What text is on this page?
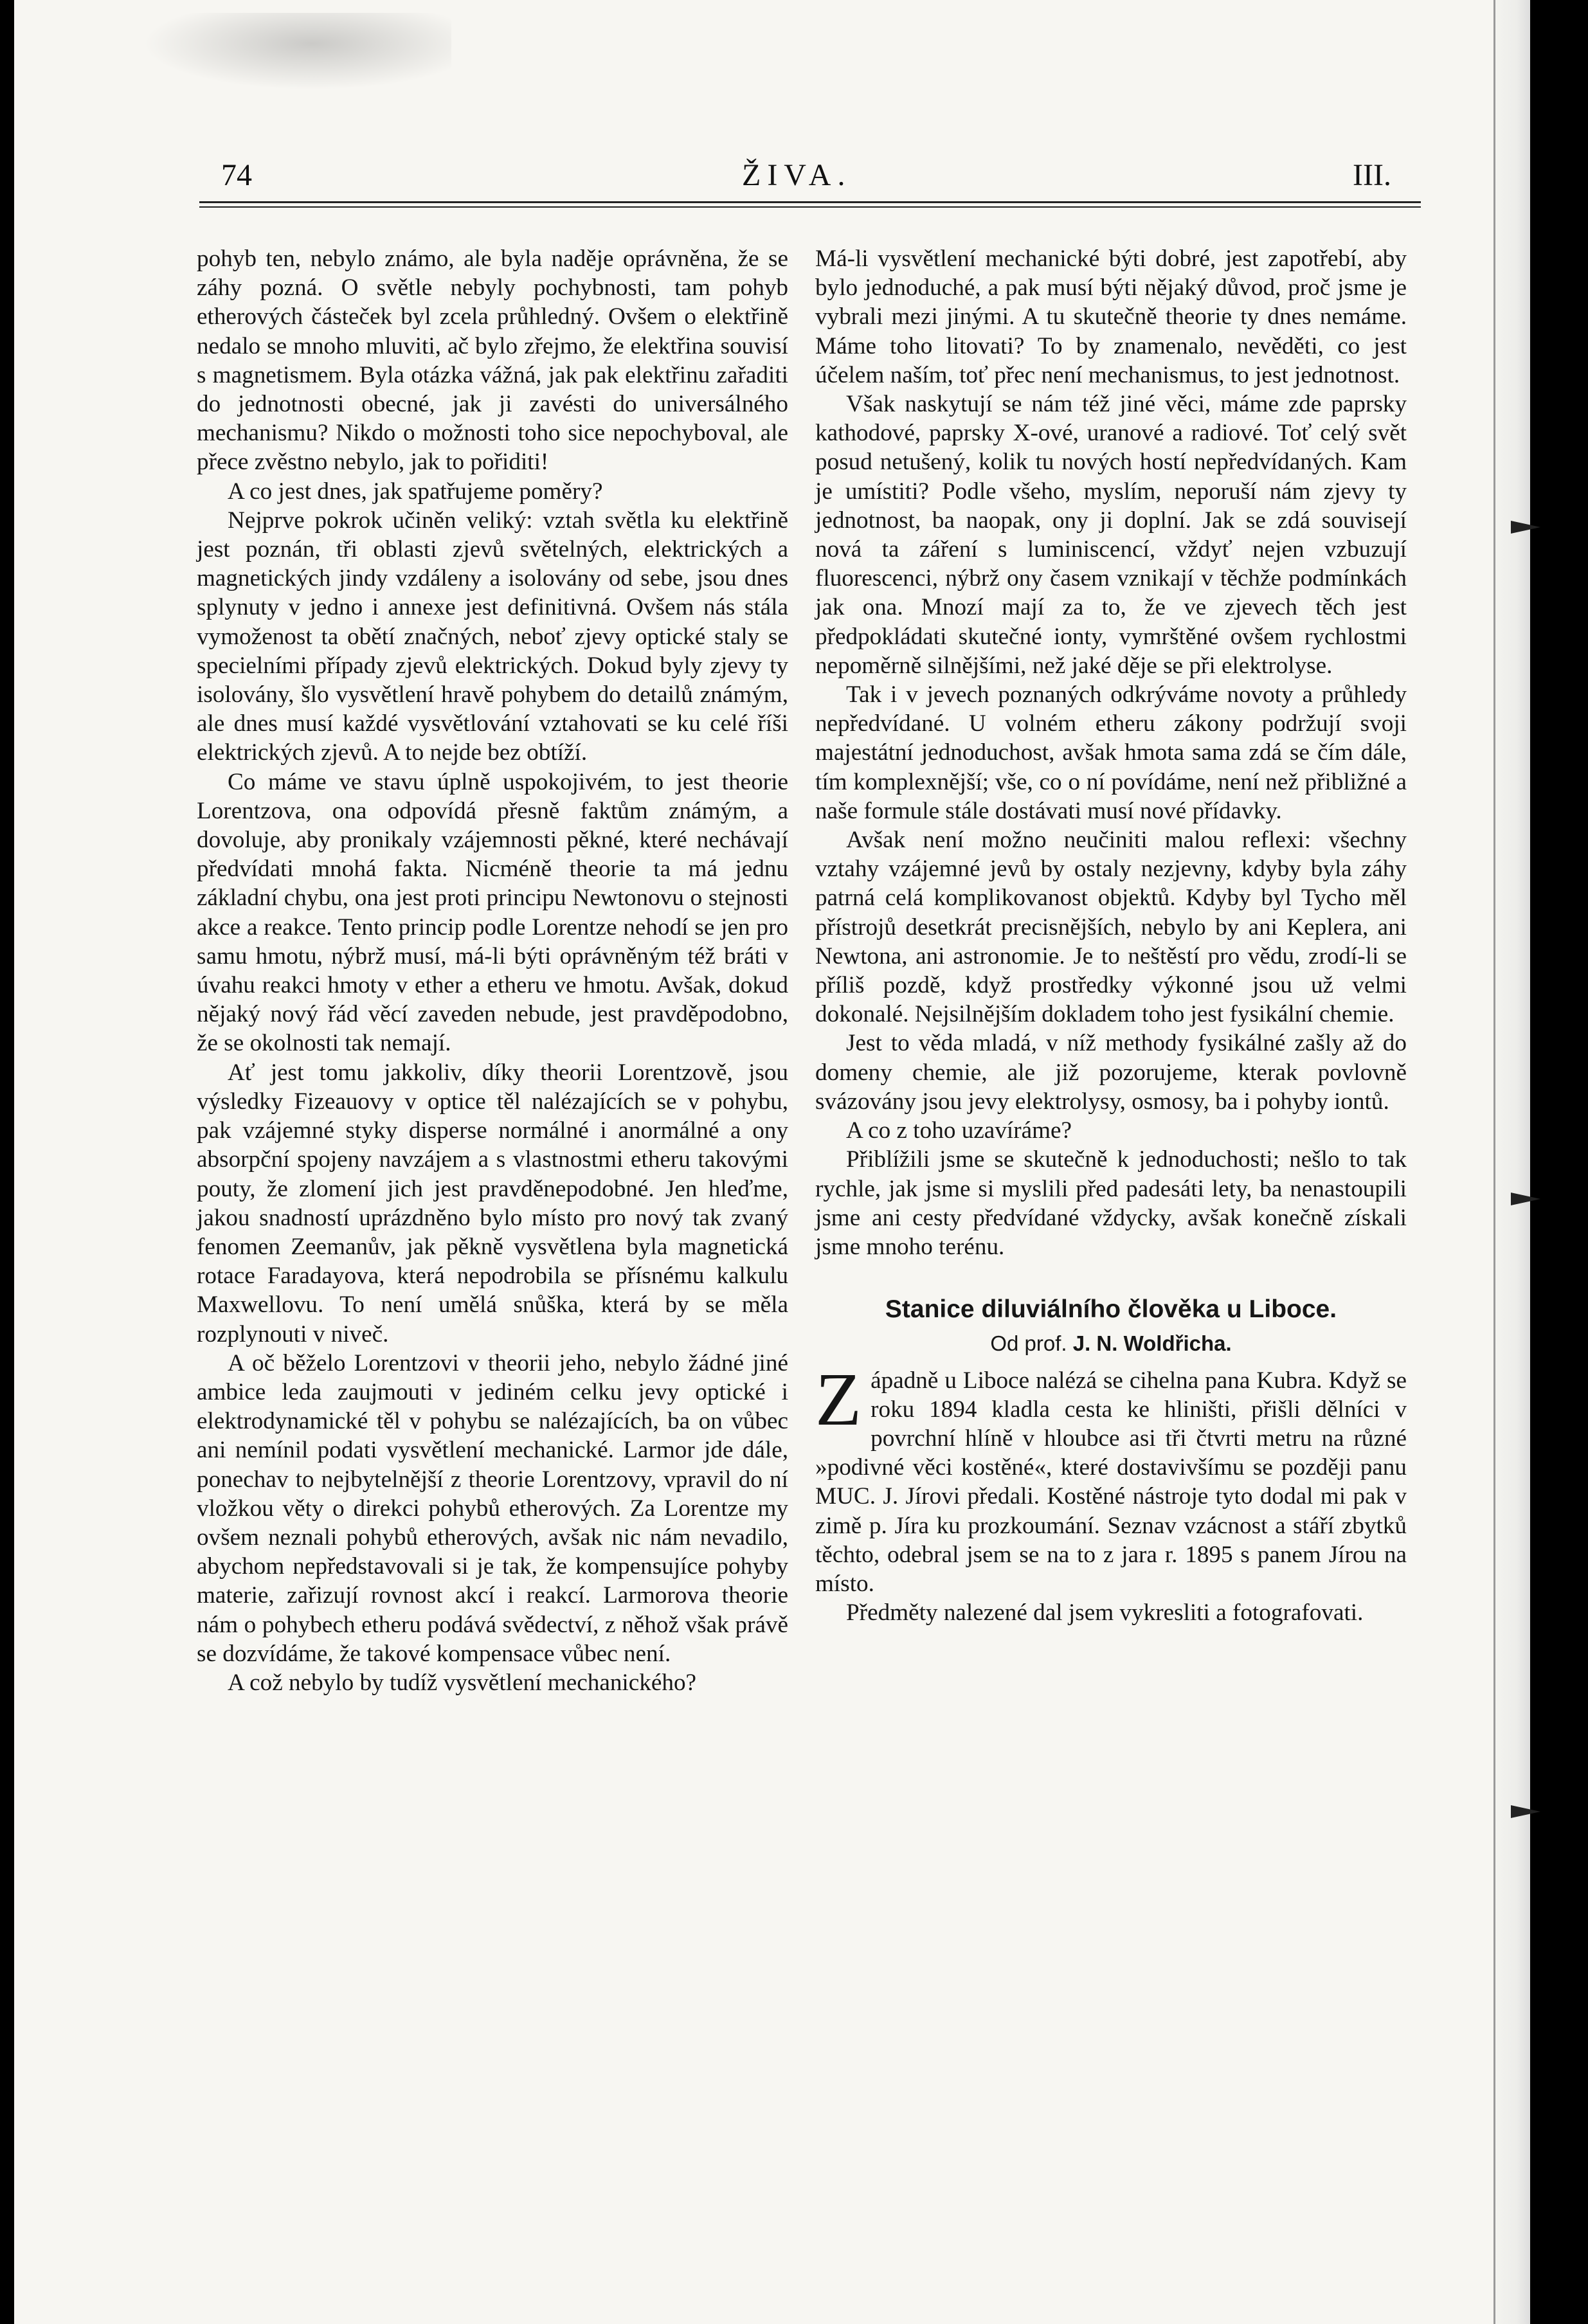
74	ŽIVA.	III.

pohyb ten, nebylo známo, ale byla naděje oprávněna, že se záhy pozná. O světle nebyly pochybnosti, tam pohyb etherových částeček byl zcela průhledný. Ovšem o elektřině nedalo se mnoho mluviti, ač bylo zřejmo, že elektřina souvisí s magnetismem. Byla otázka vážná, jak pak elektřinu zařaditi do jednotnosti obecné, jak ji zavésti do universálného mechanismu? Nikdo o možnosti toho sice nepochyboval, ale přece zvěstno nebylo, jak to pořiditi!

A co jest dnes, jak spatřujeme poměry?

Nejprve pokrok učiněn veliký: vztah světla ku elektřině jest poznán, tři oblasti zjevů světelných, elektrických a magnetických jindy vzdáleny a isolovány od sebe, jsou dnes splynuty v jedno i annexe jest definitivná. Ovšem nás stála vymoženost ta obětí značných, neboť zjevy optické staly se specielními případy zjevů elektrických. Dokud byly zjevy ty isolovány, šlo vysvětlení hravě pohybem do detailů známým, ale dnes musí každé vysvětlování vztahovati se ku celé říši elektrických zjevů. A to nejde bez obtíží.

Co máme ve stavu úplně uspokojivém, to jest theorie Lorentzova, ona odpovídá přesně faktům známým, a dovoluje, aby pronikaly vzájemnosti pěkné, které nechávají předvídati mnohá fakta. Nicméně theorie ta má jednu základní chybu, ona jest proti principu Newtonovu o stejnosti akce a reakce. Tento princip podle Lorentze nehodí se jen pro samu hmotu, nýbrž musí, má-li býti oprávněným též bráti v úvahu reakci hmoty v ether a etheru ve hmotu. Avšak, dokud nějaký nový řád věcí zaveden nebude, jest pravděpodobno, že se okolnosti tak nemají.

Ať jest tomu jakkoliv, díky theorii Lorentzově, jsou výsledky Fizeauovy v optice těl nalézajících se v pohybu, pak vzájemné styky disperse normálné i anormálné a ony absorpční spojeny navzájem a s vlastnostmi etheru takovými pouty, že zlomení jich jest pravděnepodobné. Jen hleďme, jakou snadností uprázdněno bylo místo pro nový tak zvaný fenomen Zeemanův, jak pěkně vysvětlena byla magnetická rotace Faradayova, která nepodrobila se přísnému kalkulu Maxwellovu. To není umělá snůška, která by se měla rozplynouti v niveč.

A oč běželo Lorentzovi v theorii jeho, nebylo žádné jiné ambice leda zaujmouti v jediném celku jevy optické i elektrodynamické těl v pohybu se nalézajících, ba on vůbec ani nemínil podati vysvětlení mechanické. Larmor jde dále, ponechav to nejbytelnější z theorie Lorentzovy, vpravil do ní vložkou věty o direkci pohybů etherových. Za Lorentze my ovšem neznali pohybů etherových, avšak nic nám nevadilo, abychom nepředstavovali si je tak, že kompensujíce pohyby materie, zařizují rovnost akcí i reakcí. Larmorova theorie nám o pohybech etheru podává svědectví, z něhož však právě se dozvídáme, že takové kompensace vůbec není.

A což nebylo by tudíž vysvětlení mechanického?

Má-li vysvětlení mechanické býti dobré, jest zapotřebí, aby bylo jednoduché, a pak musí býti nějaký důvod, proč jsme je vybrali mezi jinými. A tu skutečně theorie ty dnes nemáme. Máme toho litovati? To by znamenalo, nevěděti, co jest účelem naším, toť přec není mechanismus, to jest jednotnost.

Však naskytují se nám též jiné věci, máme zde paprsky kathodové, paprsky X-ové, uranové a radiové. Toť celý svět posud netušený, kolik tu nových hostí nepředvídaných. Kam je umístiti? Podle všeho, myslím, neporuší nám zjevy ty jednotnost, ba naopak, ony ji doplní. Jak se zdá souvisejí nová ta záření s luminiscencí, vždyť nejen vzbuzují fluorescenci, nýbrž ony časem vznikají v těchže podmínkách jak ona. Mnozí mají za to, že ve zjevech těch jest předpokládati skutečné ionty, vymrštěné ovšem rychlostmi nepoměrně silnějšími, než jaké děje se při elektrolyse.

Tak i v jevech poznaných odkrýváme novoty a průhledy nepředvídané. U volném etheru zákony podržují svoji majestátní jednoduchost, avšak hmota sama zdá se čím dále, tím komplexnější; vše, co o ní povídáme, není než přibližné a naše formule stále dostávati musí nové přídavky.

Avšak není možno neučiniti malou reflexi: všechny vztahy vzájemné jevů by ostaly nezjevny, kdyby byla záhy patrná celá komplikovanost objektů. Kdyby byl Tycho měl přístrojů desetkrát precisnějších, nebylo by ani Keplera, ani Newtona, ani astronomie. Je to neštěstí pro vědu, zrodí-li se příliš pozdě, když prostředky výkonné jsou už velmi dokonalé. Nejsilnějším dokladem toho jest fysikální chemie.

Jest to věda mladá, v níž methody fysikálné zašly až do domeny chemie, ale již pozorujeme, kterak povlovně svázovány jsou jevy elektrolysy, osmosy, ba i pohyby iontů.

A co z toho uzavíráme?

Přiblížili jsme se skutečně k jednoduchosti; nešlo to tak rychle, jak jsme si myslili před padesáti lety, ba nenastoupili jsme ani cesty předvídané vždycky, avšak konečně získali jsme mnoho terénu.

Stanice diluviálního člověka u Liboce.
Od prof. J. N. Woldřicha.

Západně u Liboce nalézá se cihelna pana Kubra. Když se roku 1894 kladla cesta ke hliništi, přišli dělníci v povrchní hlíně v hloubce asi tři čtvrti metru na různé »podivné věci kostěné«, které dostavivšímu se později panu MUC. J. Jírovi předali. Kostěné nástroje tyto dodal mi pak v zimě p. Jíra ku prozkoumání. Seznav vzácnost a stáří zbytků těchto, odebral jsem se na to z jara r. 1895 s panem Jírou na místo.

Předměty nalezené dal jsem vykresliti a fotografovati.
